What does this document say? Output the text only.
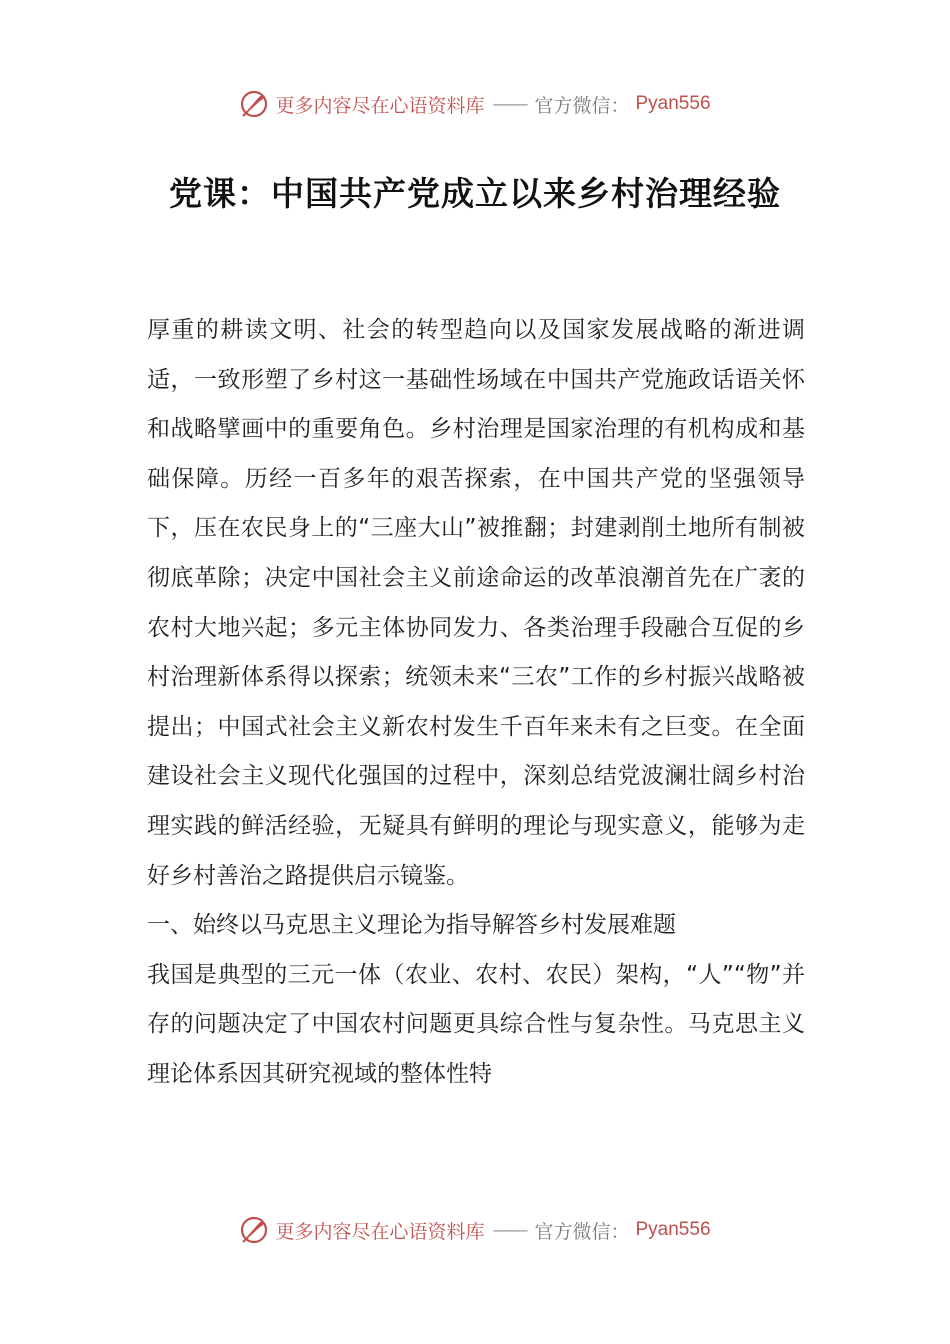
更多内容尽在心语资料库 —— 官方微信： Pyan556
党课：中国共产党成立以来乡村治理经验

厚重的耕读文明、社会的转型趋向以及国家发展战略的渐进调适，一致形塑了乡村这一基础性场域在中国共产党施政话语关怀和战略擘画中的重要角色。乡村治理是国家治理的有机构成和基础保障。历经一百多年的艰苦探索，在中国共产党的坚强领导下，压在农民身上的“三座大山”被推翻；封建剥削土地所有制被彻底革除；决定中国社会主义前途命运的改革浪潮首先在广袤的农村大地兴起；多元主体协同发力、各类治理手段融合互促的乡村治理新体系得以探索；统领未来“三农”工作的乡村振兴战略被提出；中国式社会主义新农村发生千百年来未有之巨变。在全面建设社会主义现代化强国的过程中，深刻总结党波澜壮阔乡村治理实践的鲜活经验，无疑具有鲜明的理论与现实意义，能够为走好乡村善治之路提供启示镜鉴。

一、始终以马克思主义理论为指导解答乡村发展难题

我国是典型的三元一体（农业、农村、农民）架构，“人”“物”并存的问题决定了中国农村问题更具综合性与复杂性。马克思主义理论体系因其研究视域的整体性特

更多内容尽在心语资料库 —— 官方微信： Pyan556
